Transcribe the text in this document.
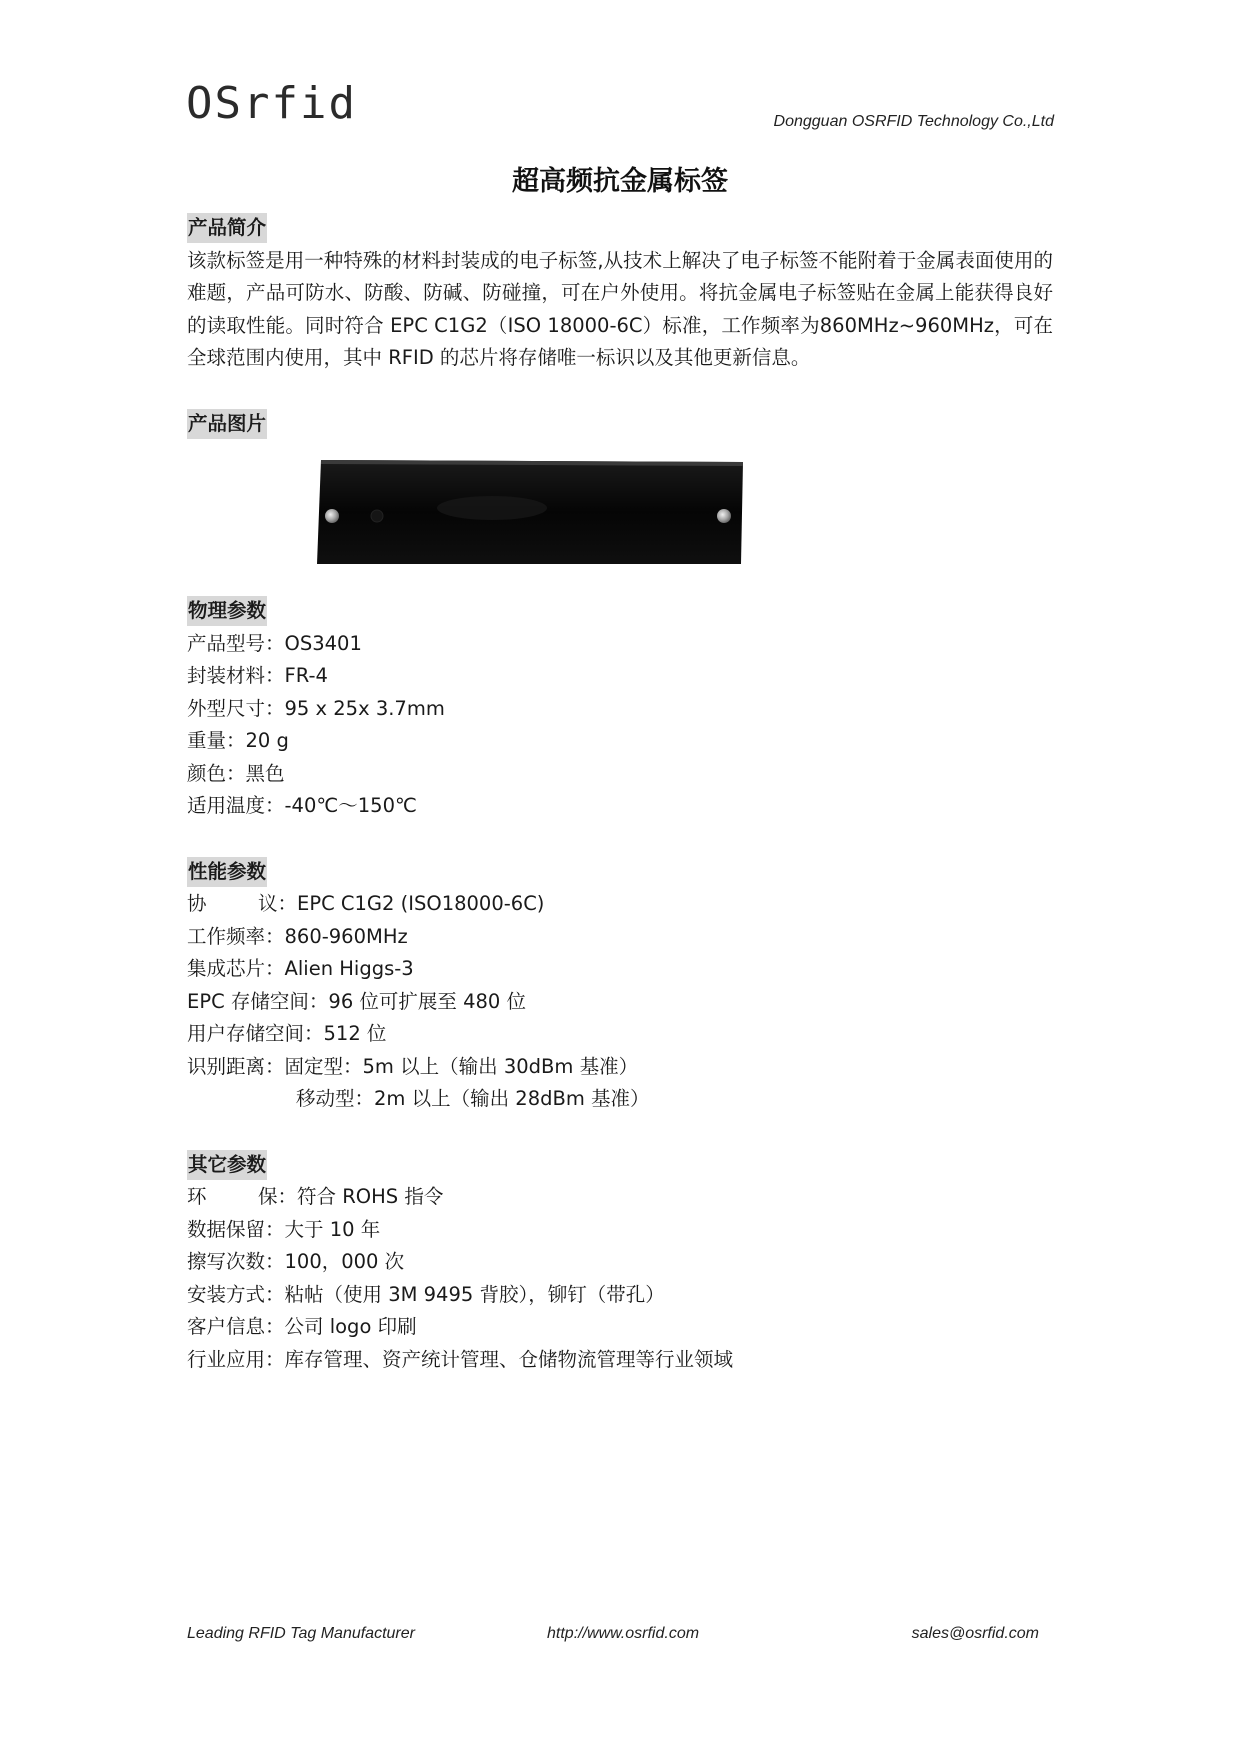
OSrfid	Dongguan OSRFID Technology Co.,Ltd
超高频抗金属标签
产品简介

该款标签是用一种特殊的材料封装成的电子标签,从技术上解决了电子标签不能附着于金属表面使用的难题，产品可防水、防酸、防碱、防碰撞，可在户外使用。将抗金属电子标签贴在金属上能获得良好的读取性能。同时符合 EPC C1G2（ISO 18000-6C）标准，工作频率为860MHz~960MHz，可在全球范围内使用，其中 RFID 的芯片将存储唯一标识以及其他更新信息。

产品图片
物理参数
产品型号： OS3401
封装材料： FR-4
外型尺寸： 95 x 25x 3.7mm
重量： 20 g
颜色： 黑色
适用温度： -40℃～150℃
性能参数
协	议： EPC C1G2 (ISO18000-6C)
工作频率： 860-960MHz
集成芯片： Alien Higgs-3
EPC 存储空间： 96 位可扩展至 480 位
用户存储空间： 512 位
识别距离： 固定型：5m 以上（输出 30dBm 基准）
移动型：2m 以上（输出 28dBm 基准）
其它参数
环	保： 符合 ROHS 指令
数据保留： 大于 10 年
擦写次数： 100，000 次
安装方式： 粘帖（使用 3M 9495 背胶），铆钉（带孔）
客户信息： 公司 logo 印刷
行业应用： 库存管理、资产统计管理、仓储物流管理等行业领域
Leading RFID Tag Manufacturer	http://www.osrfid.com	sales@osrfid.com
